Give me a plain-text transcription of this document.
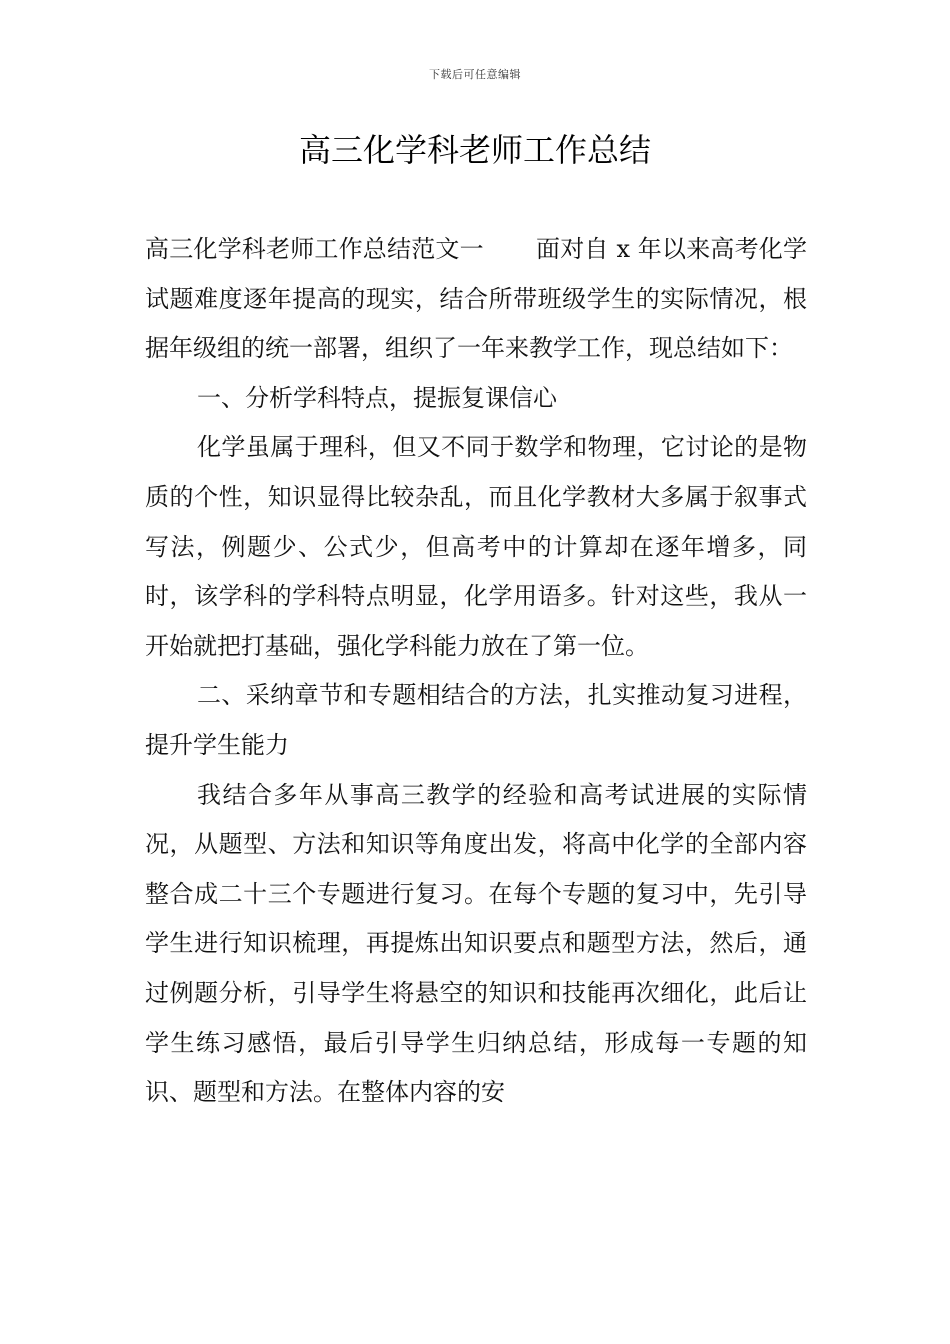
下载后可任意编辑
高三化学科老师工作总结

高三化学科老师工作总结范文一 面对自 x 年以来高考化学试题难度逐年提高的现实，结合所带班级学生的实际情况，根据年级组的统一部署，组织了一年来教学工作，现总结如下：

一、分析学科特点，提振复课信心

化学虽属于理科，但又不同于数学和物理，它讨论的是物质的个性，知识显得比较杂乱，而且化学教材大多属于叙事式写法，例题少、公式少，但高考中的计算却在逐年增多，同时，该学科的学科特点明显，化学用语多。针对这些，我从一开始就把打基础，强化学科能力放在了第一位。

二、采纳章节和专题相结合的方法，扎实推动复习进程，提升学生能力

我结合多年从事高三教学的经验和高考试进展的实际情况，从题型、方法和知识等角度出发，将高中化学的全部内容整合成二十三个专题进行复习。在每个专题的复习中，先引导学生进行知识梳理，再提炼出知识要点和题型方法，然后，通过例题分析，引导学生将悬空的知识和技能再次细化，此后让学生练习感悟，最后引导学生归纳总结，形成每一专题的知识、题型和方法。在整体内容的安
